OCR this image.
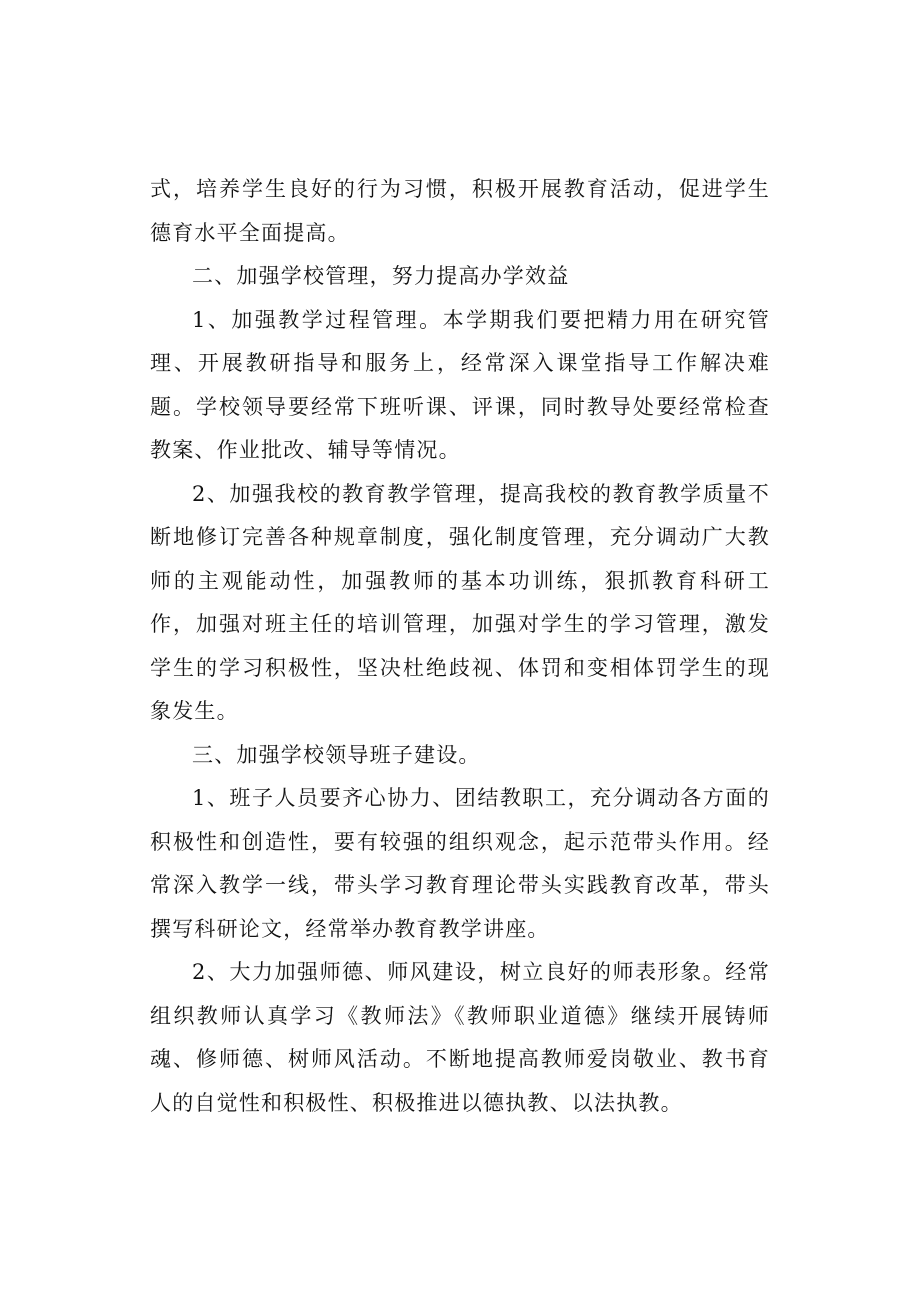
式，培养学生良好的行为习惯，积极开展教育活动，促进学生德育水平全面提高。

二、加强学校管理，努力提高办学效益

1、加强教学过程管理。本学期我们要把精力用在研究管理、开展教研指导和服务上，经常深入课堂指导工作解决难题。学校领导要经常下班听课、评课，同时教导处要经常检查教案、作业批改、辅导等情况。

2、加强我校的教育教学管理，提高我校的教育教学质量不断地修订完善各种规章制度，强化制度管理，充分调动广大教师的主观能动性，加强教师的基本功训练，狠抓教育科研工作，加强对班主任的培训管理，加强对学生的学习管理，激发学生的学习积极性，坚决杜绝歧视、体罚和变相体罚学生的现象发生。

三、加强学校领导班子建设。

1、班子人员要齐心协力、团结教职工，充分调动各方面的积极性和创造性，要有较强的组织观念，起示范带头作用。经常深入教学一线，带头学习教育理论带头实践教育改革，带头撰写科研论文，经常举办教育教学讲座。

2、大力加强师德、师风建设，树立良好的师表形象。经常组织教师认真学习《教师法》《教师职业道德》继续开展铸师魂、修师德、树师风活动。不断地提高教师爱岗敬业、教书育人的自觉性和积极性、积极推进以德执教、以法执教。
